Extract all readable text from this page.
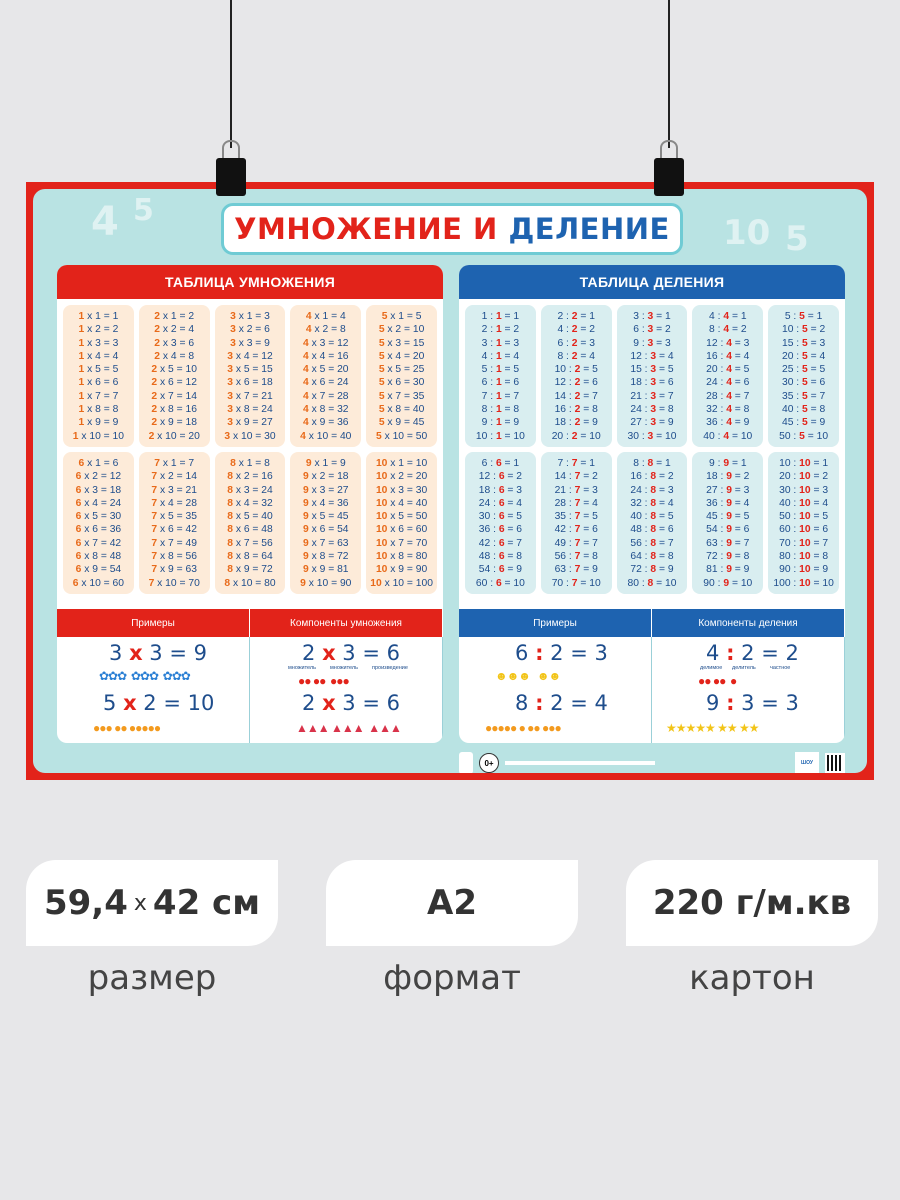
4 5
10 5
УМНОЖЕНИЕ И
ДЕЛЕНИЕ
ТАБЛИЦА УМНОЖЕНИЯ
1 x 1 = 1
1 x 2 = 2
1 x 3 = 3
1 x 4 = 4
1 x 5 = 5
1 x 6 = 6
1 x 7 = 7
1 x 8 = 8
1 x 9 = 9
1 x 10 = 10
2 x 1 = 2
2 x 2 = 4
2 x 3 = 6
2 x 4 = 8
2 x 5 = 10
2 x 6 = 12
2 x 7 = 14
2 x 8 = 16
2 x 9 = 18
2 x 10 = 20
3 x 1 = 3
3 x 2 = 6
3 x 3 = 9
3 x 4 = 12
3 x 5 = 15
3 x 6 = 18
3 x 7 = 21
3 x 8 = 24
3 x 9 = 27
3 x 10 = 30
4 x 1 = 4
4 x 2 = 8
4 x 3 = 12
4 x 4 = 16
4 x 5 = 20
4 x 6 = 24
4 x 7 = 28
4 x 8 = 32
4 x 9 = 36
4 x 10 = 40
5 x 1 = 5
5 x 2 = 10
5 x 3 = 15
5 x 4 = 20
5 x 5 = 25
5 x 6 = 30
5 x 7 = 35
5 x 8 = 40
5 x 9 = 45
5 x 10 = 50
6 x 1 = 6
6 x 2 = 12
6 x 3 = 18
6 x 4 = 24
6 x 5 = 30
6 x 6 = 36
6 x 7 = 42
6 x 8 = 48
6 x 9 = 54
6 x 10 = 60
7 x 1 = 7
7 x 2 = 14
7 x 3 = 21
7 x 4 = 28
7 x 5 = 35
7 x 6 = 42
7 x 7 = 49
7 x 8 = 56
7 x 9 = 63
7 x 10 = 70
8 x 1 = 8
8 x 2 = 16
8 x 3 = 24
8 x 4 = 32
8 x 5 = 40
8 x 6 = 48
8 x 7 = 56
8 x 8 = 64
8 x 9 = 72
8 x 10 = 80
9 x 1 = 9
9 x 2 = 18
9 x 3 = 27
9 x 4 = 36
9 x 5 = 45
9 x 6 = 54
9 x 7 = 63
9 x 8 = 72
9 x 9 = 81
9 x 10 = 90
10 x 1 = 10
10 x 2 = 20
10 x 3 = 30
10 x 4 = 40
10 x 5 = 50
10 x 6 = 60
10 x 7 = 70
10 x 8 = 80
10 x 9 = 90
10 x 10 = 100
Примеры	Компоненты умножения
3 x 3 = 9
✿✿✿  ✿✿✿  ✿✿✿
5 x 2 = 10
●●● ●● ●●●●●
2 x 3 = 6
множитель	множитель	произведение
●● ●●  ●●●
2 x 3 = 6
▲▲▲ ▲▲▲  ▲▲▲
ТАБЛИЦА ДЕЛЕНИЯ
1 : 1 = 1
2 : 1 = 2
3 : 1 = 3
4 : 1 = 4
5 : 1 = 5
6 : 1 = 6
7 : 1 = 7
8 : 1 = 8
9 : 1 = 9
10 : 1 = 10
2 : 2 = 1
4 : 2 = 2
6 : 2 = 3
8 : 2 = 4
10 : 2 = 5
12 : 2 = 6
14 : 2 = 7
16 : 2 = 8
18 : 2 = 9
20 : 2 = 10
3 : 3 = 1
6 : 3 = 2
9 : 3 = 3
12 : 3 = 4
15 : 3 = 5
18 : 3 = 6
21 : 3 = 7
24 : 3 = 8
27 : 3 = 9
30 : 3 = 10
4 : 4 = 1
8 : 4 = 2
12 : 4 = 3
16 : 4 = 4
20 : 4 = 5
24 : 4 = 6
28 : 4 = 7
32 : 4 = 8
36 : 4 = 9
40 : 4 = 10
5 : 5 = 1
10 : 5 = 2
15 : 5 = 3
20 : 5 = 4
25 : 5 = 5
30 : 5 = 6
35 : 5 = 7
40 : 5 = 8
45 : 5 = 9
50 : 5 = 10
6 : 6 = 1
12 : 6 = 2
18 : 6 = 3
24 : 6 = 4
30 : 6 = 5
36 : 6 = 6
42 : 6 = 7
48 : 6 = 8
54 : 6 = 9
60 : 6 = 10
7 : 7 = 1
14 : 7 = 2
21 : 7 = 3
28 : 7 = 4
35 : 7 = 5
42 : 7 = 6
49 : 7 = 7
56 : 7 = 8
63 : 7 = 9
70 : 7 = 10
8 : 8 = 1
16 : 8 = 2
24 : 8 = 3
32 : 8 = 4
40 : 8 = 5
48 : 8 = 6
56 : 8 = 7
64 : 8 = 8
72 : 8 = 9
80 : 8 = 10
9 : 9 = 1
18 : 9 = 2
27 : 9 = 3
36 : 9 = 4
45 : 9 = 5
54 : 9 = 6
63 : 9 = 7
72 : 9 = 8
81 : 9 = 9
90 : 9 = 10
10 : 10 = 1
20 : 10 = 2
30 : 10 = 3
40 : 10 = 4
50 : 10 = 5
60 : 10 = 6
70 : 10 = 7
80 : 10 = 8
90 : 10 = 9
100 : 10 = 10
Примеры	Компоненты деления
6 : 2 = 3
☻☻☻   ☻☻
8 : 2 = 4
●●●●● ● ●● ●●●
4 : 2 = 2
делимое делитель	частное
●● ●●  ●
9 : 3 = 3
★★★★★ ★★ ★★
0+	ШОУ
59,4 x 42 см
размер
A2
формат
220 г/м.кв
картон
